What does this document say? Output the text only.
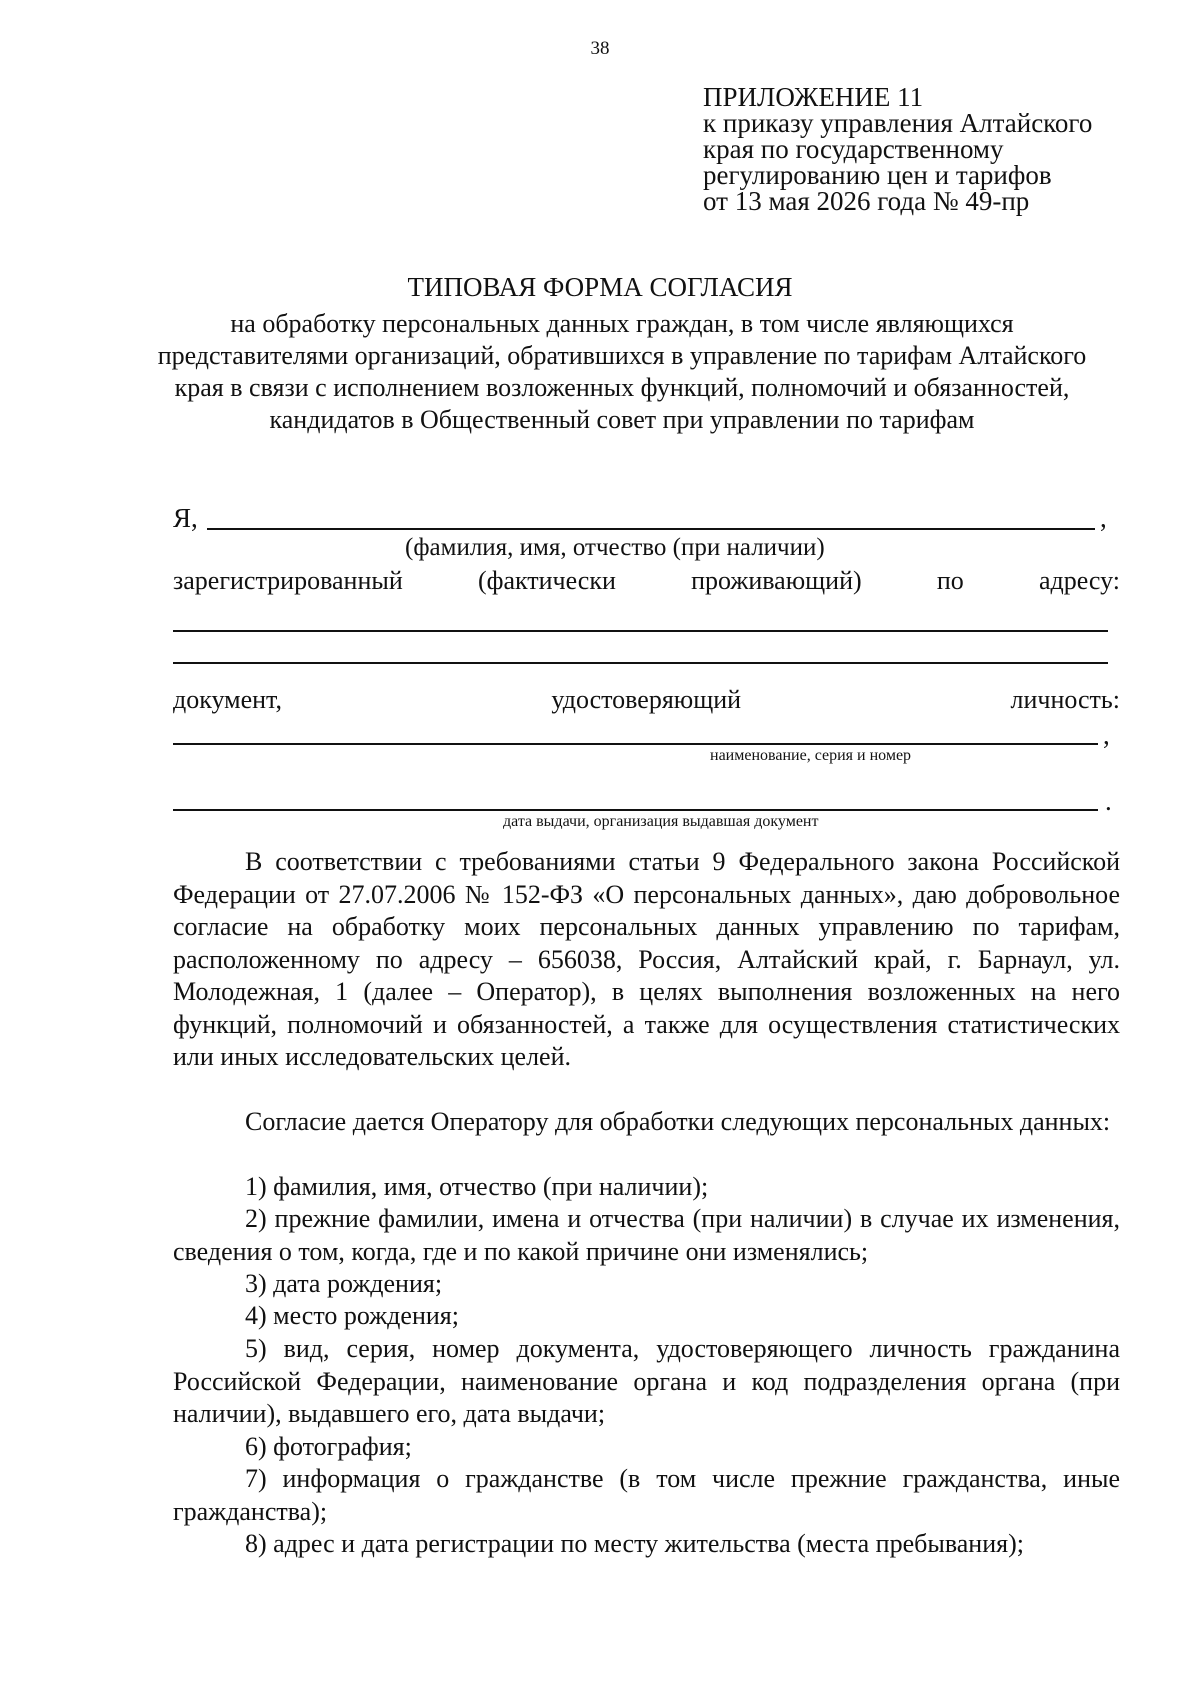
38
ПРИЛОЖЕНИЕ 11
к приказу управления Алтайского
края по государственному
регулированию цен и тарифов
от 13 мая 2026 года № 49-пр
ТИПОВАЯ ФОРМА СОГЛАСИЯ
на обработку персональных данных граждан, в том числе являющихся представителями организаций, обратившихся в управление по тарифам Алтайского края в связи с исполнением возложенных функций, полномочий и обязанностей, кандидатов в Общественный совет при управлении по тарифам
Я,	,
(фамилия, имя, отчество (при наличии)
зарегистрированный	(фактически	проживающий)	по	адресу:
документ,	удостоверяющий	личность:
,
наименование, серия и номер
.
дата выдачи, организация выдавшая документ
В соответствии с требованиями статьи 9 Федерального закона Российской Федерации от 27.07.2006 № 152-ФЗ «О персональных данных», даю добровольное согласие на обработку моих персональных данных управлению по тарифам, расположенному по адресу – 656038, Россия, Алтайский край, г. Барнаул, ул. Молодежная, 1 (далее – Оператор), в целях выполнения возложенных на него функций, полномочий и обязанностей, а также для осуществления статистических или иных исследовательских целей.
Согласие дается Оператору для обработки следующих персональных данных:
1) фамилия, имя, отчество (при наличии);
2) прежние фамилии, имена и отчества (при наличии) в случае их изменения, сведения о том, когда, где и по какой причине они изменялись;
3) дата рождения;
4) место рождения;
5) вид, серия, номер документа, удостоверяющего личность гражданина Российской Федерации, наименование органа и код подразделения органа (при наличии), выдавшего его, дата выдачи;
6) фотография;
7) информация о гражданстве (в том числе прежние гражданства, иные гражданства);
8) адрес и дата регистрации по месту жительства (места пребывания);
